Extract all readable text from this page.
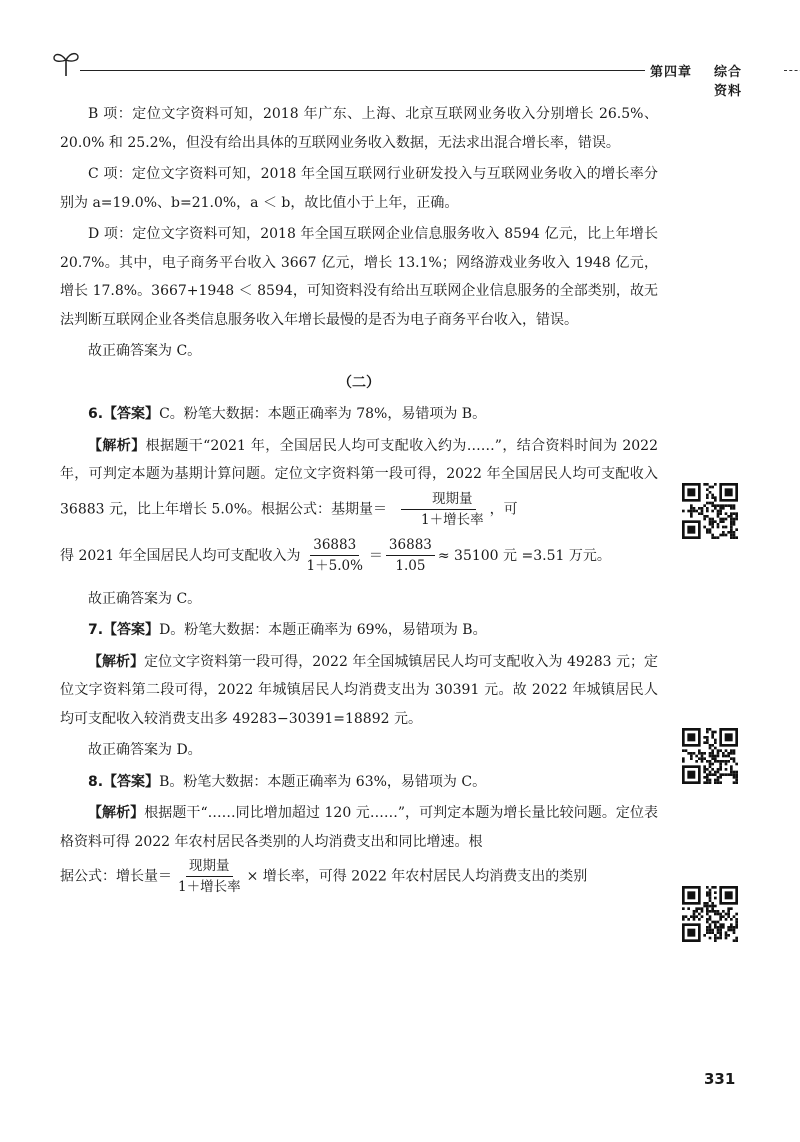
第四章 综合资料

B 项：定位文字资料可知，2018 年广东、上海、北京互联网业务收入分别增长 26.5%、20.0% 和 25.2%，但没有给出具体的互联网业务收入数据，无法求出混合增长率，错误。

C 项：定位文字资料可知，2018 年全国互联网行业研发投入与互联网业务收入的增长率分别为 a=19.0%、b=21.0%，a ＜ b，故比值小于上年，正确。

D 项：定位文字资料可知，2018 年全国互联网企业信息服务收入 8594 亿元，比上年增长 20.7%。其中，电子商务平台收入 3667 亿元，增长 13.1%；网络游戏业务收入 1948 亿元，增长 17.8%。3667+1948 ＜ 8594，可知资料没有给出互联网企业信息服务的全部类别，故无法判断互联网企业各类信息服务收入年增长最慢的是否为电子商务平台收入，错误。

故正确答案为 C。

（二）

6.【答案】C。粉笔大数据：本题正确率为 78%，易错项为 B。

【解析】根据题干“2021 年，全国居民人均可支配收入约为……”，结合资料时间为 2022 年，可判定本题为基期计算问题。定位文字资料第一段可得，2022 年全国居民人均可支配收入 36883 元，比上年增长 5.0%。根据公式：基期量＝ $\frac{\text{现期量}}{\text{1＋增长率}}$ ，可

得 2021 年全国居民人均可支配收入为 $\frac{36883}{1+5.0\%} = \frac{36883}{1.05} \approx 35100$ 元 =3.51 万元。

故正确答案为 C。

7.【答案】D。粉笔大数据：本题正确率为 69%，易错项为 B。

【解析】定位文字资料第一段可得，2022 年全国城镇居民人均可支配收入为 49283 元；定位文字资料第二段可得，2022 年城镇居民人均消费支出为 30391 元。故 2022 年城镇居民人均可支配收入较消费支出多 49283−30391=18892 元。

故正确答案为 D。

8.【答案】B。粉笔大数据：本题正确率为 63%，易错项为 C。

【解析】根据题干“……同比增加超过 120 元……”，可判定本题为增长量比较问题。定位表格资料可得 2022 年农村居民各类别的人均消费支出和同比增速。根

据公式：增长量＝ $\frac{\text{现期量}}{\text{1＋增长率}}$ × 增长率，可得 2022 年农村居民人均消费支出的类别

331
